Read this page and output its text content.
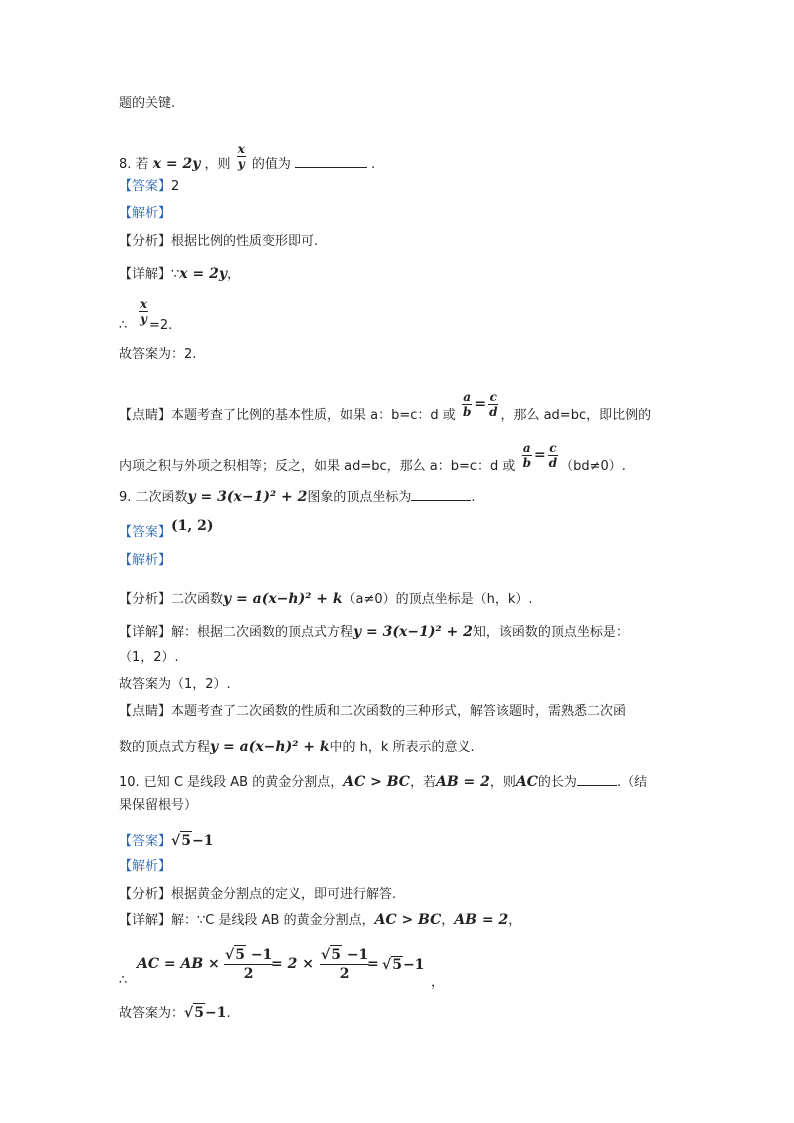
题的关键.
8. 若 x = 2y ，则 $\frac{x}{y}$ 的值为	.
【答案】2
【解析】
【分析】根据比例的性质变形即可.
【详解】∵x = 2y，
$\frac{x}{y}$
∴ =2.
故答案为：2.
【点睛】本题考查了比例的基本性质，如果 a：b=c：d 或 $\frac{a}{b} = \frac{c}{d}$ ，那么 ad=bc，即比例的
内项之积与外项之积相等；反之，如果 ad=bc，那么 a：b=c：d 或 $\frac{a}{b} = \frac{c}{d} (bd\ne 0)$.
9. 二次函数y = 3(x−1)² + 2图象的顶点坐标为	.
【答案】(1, 2)
【解析】
【分析】二次函数y = a(x−h)² + k（a≠0）的顶点坐标是（h，k）.
【详解】解：根据二次函数的顶点式方程y = 3(x−1)² + 2知，该函数的顶点坐标是：
（1，2）.
故答案为（1，2）.
【点睛】本题考查了二次函数的性质和二次函数的三种形式，解答该题时，需熟悉二次函
数的顶点式方程y = a(x−h)² + k中的 h，k 所表示的意义.
10. 已知 C 是线段 AB 的黄金分割点，AC > BC，若AB = 2，则AC的长为	.（结
果保留根号）
【答案】√5−1
【解析】
【分析】根据黄金分割点的定义，即可进行解答.
【详解】解：∵C 是线段 AB 的黄金分割点，AC > BC，AB = 2，
∴
AC = AB × $\frac{√5 -1}{2}$
= $2 \times \frac{√5 -1}{2}$
= √5−1
，
故答案为：√5−1.
